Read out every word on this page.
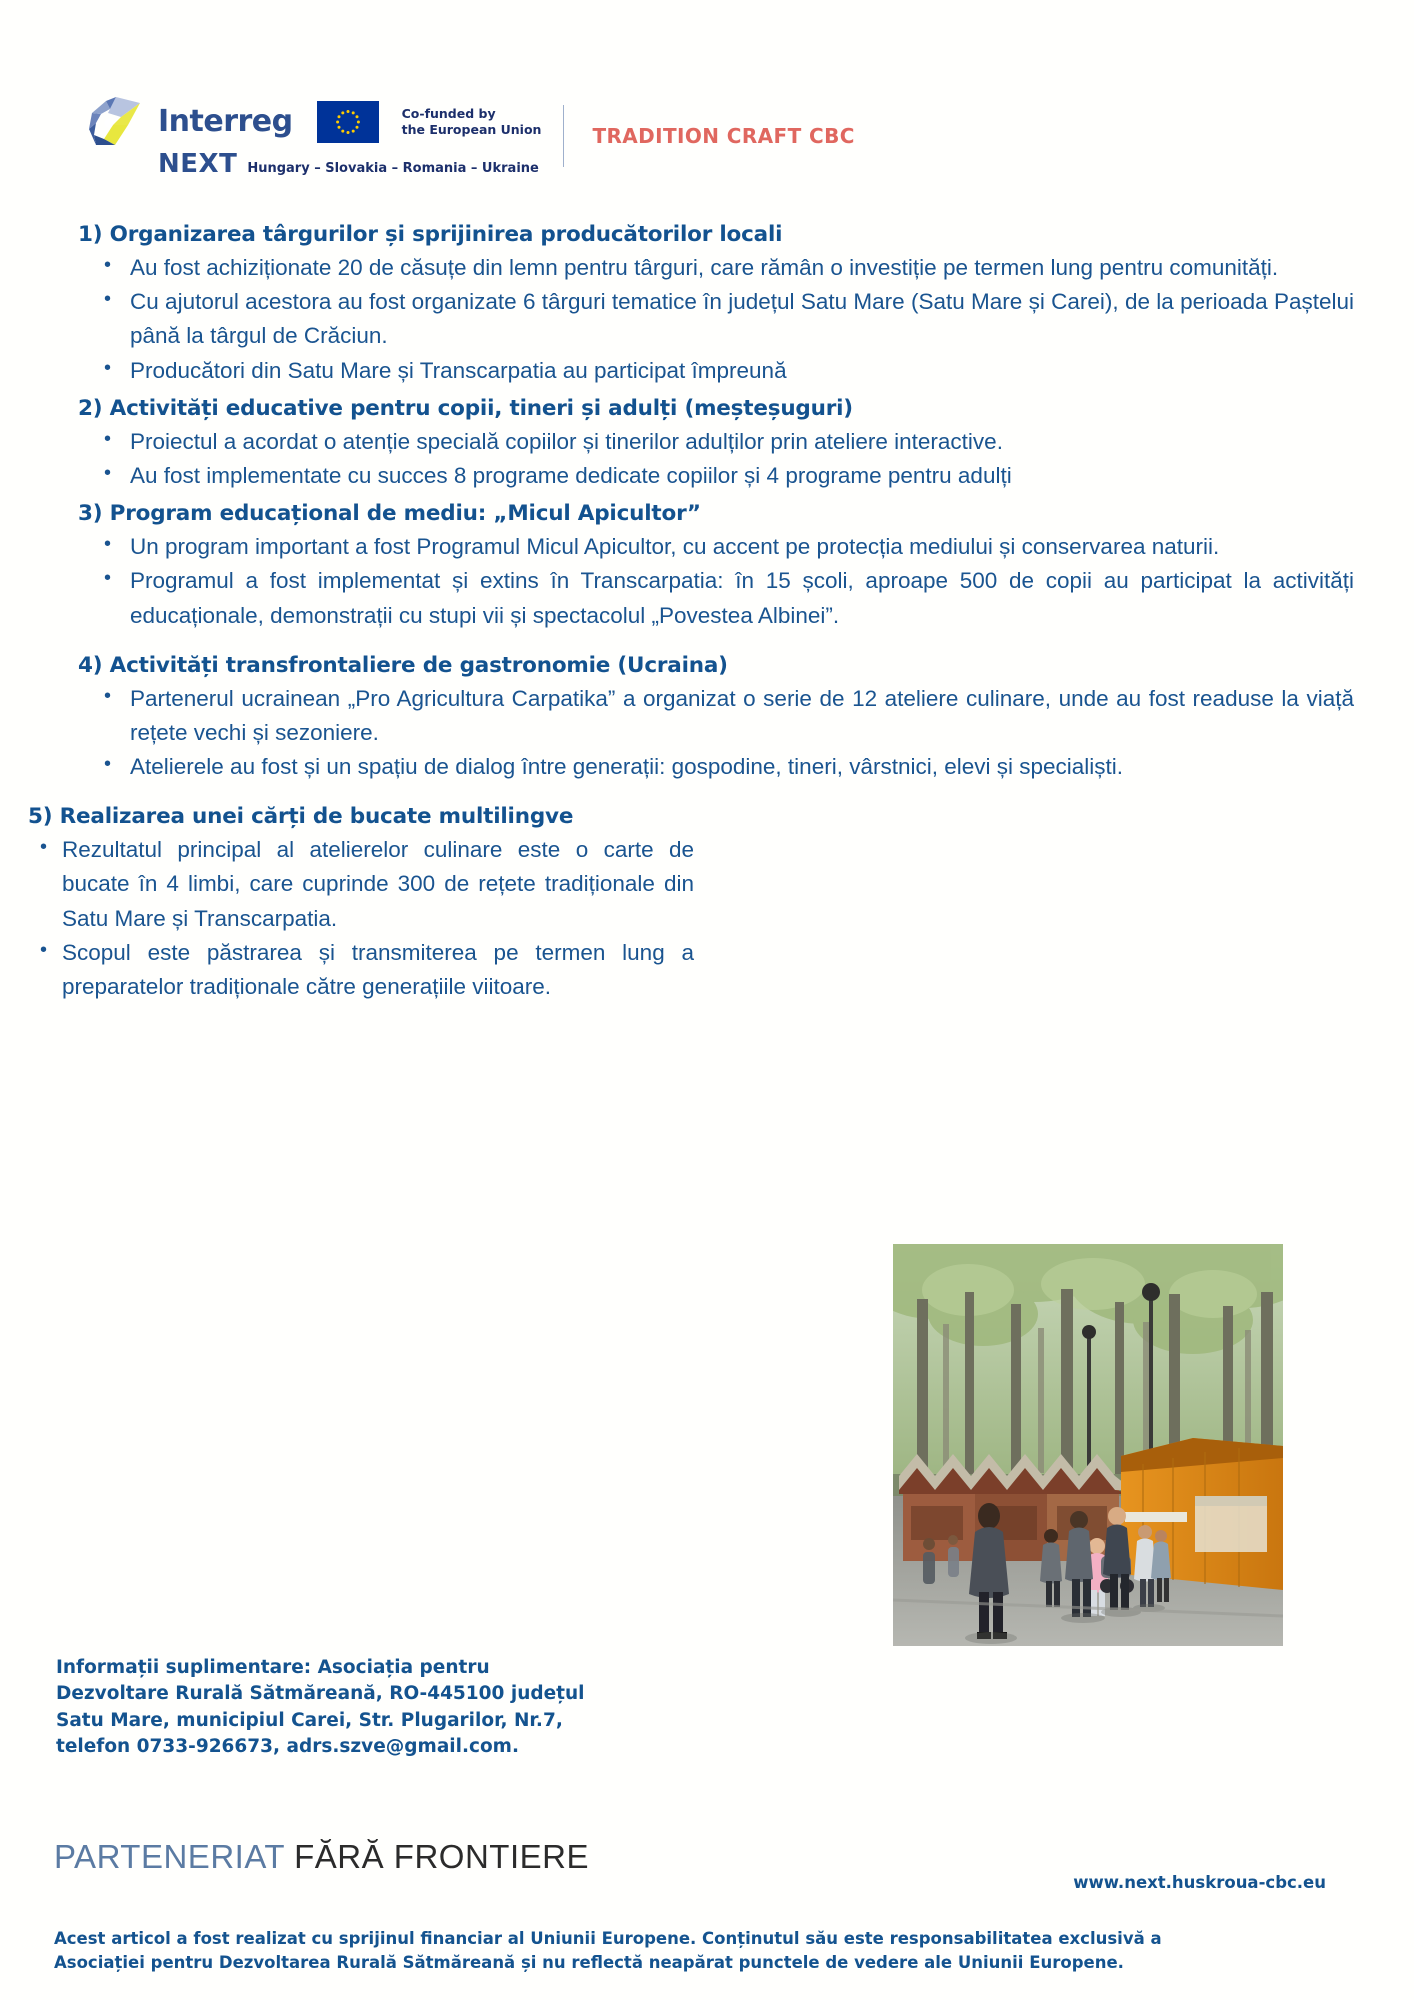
Interreg	Co-funded by
the European Union
NEXT Hungary – Slovakia – Romania – Ukraine
TRADITION CRAFT CBC
1) Organizarea târgurilor și sprijinirea producătorilor locali
• Au fost achiziționate 20 de căsuțe din lemn pentru târguri, care rămân o investiție pe termen lung pentru comunități.
• Cu ajutorul acestora au fost organizate 6 târguri tematice în județul Satu Mare (Satu Mare și Carei), de la perioada Paștelui până la târgul de Crăciun.
• Producători din Satu Mare și Transcarpatia au participat împreună
2) Activități educative pentru copii, tineri și adulți (meșteșuguri)
• Proiectul a acordat o atenție specială copiilor și tinerilor adulților prin ateliere interactive.
• Au fost implementate cu succes 8 programe dedicate copiilor și 4 programe pentru adulți
3) Program educațional de mediu: „Micul Apicultor”
• Un program important a fost Programul Micul Apicultor, cu accent pe protecția mediului și conservarea naturii.
• Programul a fost implementat și extins în Transcarpatia: în 15 școli, aproape 500 de copii au participat la activități educaționale, demonstrații cu stupi vii și spectacolul „Povestea Albinei”.
4) Activități transfrontaliere de gastronomie (Ucraina)
• Partenerul ucrainean „Pro Agricultura Carpatika” a organizat o serie de 12 ateliere culinare, unde au fost readuse la viață rețete vechi și sezoniere.
• Atelierele au fost și un spațiu de dialog între generații: gospodine, tineri, vârstnici, elevi și specialiști.
5) Realizarea unei cărți de bucate multilingve
• Rezultatul principal al atelierelor culinare este o carte de bucate în 4 limbi, care cuprinde 300 de rețete tradiționale din Satu Mare și Transcarpatia.
• Scopul este păstrarea și transmiterea pe termen lung a preparatelor tradiționale către generațiile viitoare.
Informații suplimentare: Asociația pentru
Dezvoltare Rurală Sătmăreană, RO-445100 județul
Satu Mare, municipiul Carei, Str. Plugarilor, Nr.7,
telefon 0733-926673, adrs.szve@gmail.com.
PARTENERIAT FĂRĂ FRONTIERE
www.next.huskroua-cbc.eu
Acest articol a fost realizat cu sprijinul financiar al Uniunii Europene. Conținutul său este responsabilitatea exclusivă a
Asociației pentru Dezvoltarea Rurală Sătmăreană și nu reflectă neapărat punctele de vedere ale Uniunii Europene.
